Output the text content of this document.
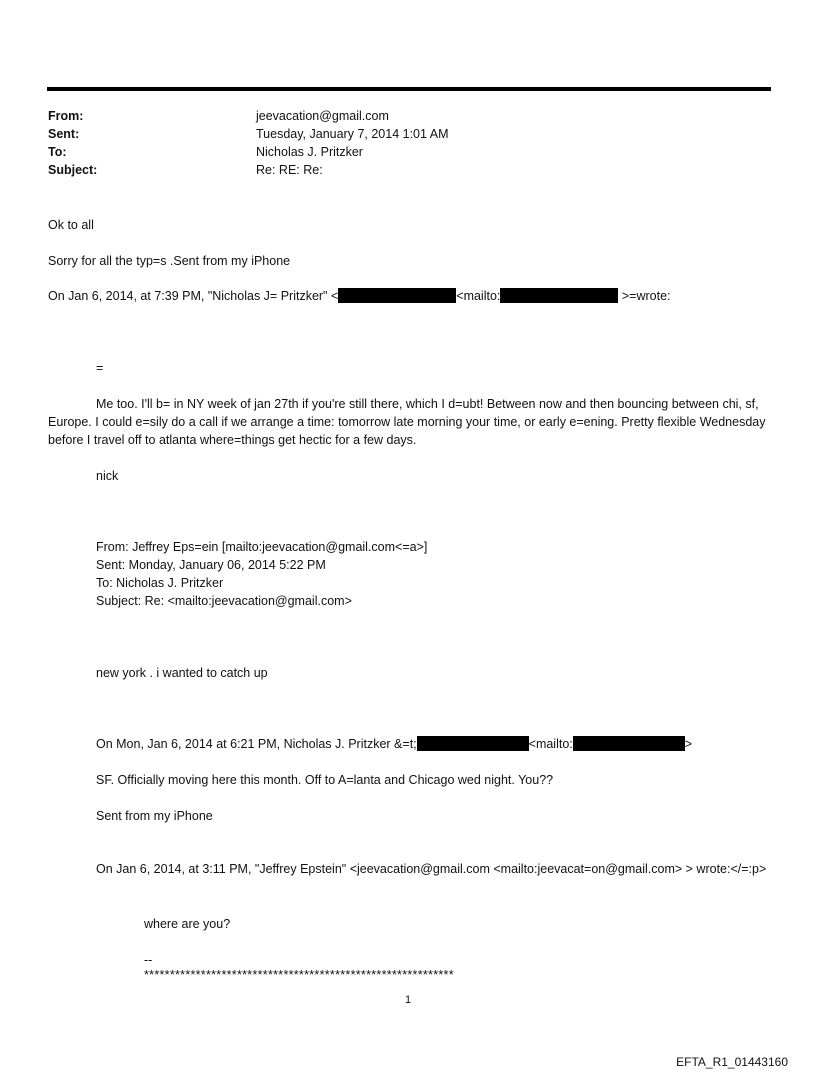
From:	jeevacation@gmail.com
Sent:	Tuesday, January 7, 2014 1:01 AM
To:	Nicholas J. Pritzker
Subject:	Re: RE: Re:
Ok to all
Sorry for all the typ=s .Sent from my iPhone
On Jan 6, 2014, at 7:39 PM, "Nicholas J= Pritzker" <	<mailto:	>=wrote:
=
Me too. I'll b= in NY week of jan 27th if you're still there, which I d=ubt! Between now and then bouncing between chi, sf, Europe. I could e=sily do a call if we arrange a time: tomorrow late morning your time, or early e=ening. Pretty flexible Wednesday before I travel off to atlanta where=things get hectic for a few days.
nick
From: Jeffrey Eps=ein [mailto:jeevacation@gmail.com<=a>]
Sent: Monday, January 06, 2014 5:22 PM
To: Nicholas J. Pritzker
Subject: Re: <mailto:jeevacation@gmail.com>
new york . i wanted to catch up
On Mon, Jan 6, 2014 at 6:21 PM, Nicholas J. Pritzker &=t;	<mailto:	>
SF. Officially moving here this month. Off to A=lanta and Chicago wed night. You??
Sent from my iPhone
On Jan 6, 2014, at 3:11 PM, "Jeffrey Epstein" <jeevacation@gmail.com <mailto:jeevacat=on@gmail.com> > wrote:</=:p>
where are you?
--
************************************************************
1
EFTA_R1_01443160
